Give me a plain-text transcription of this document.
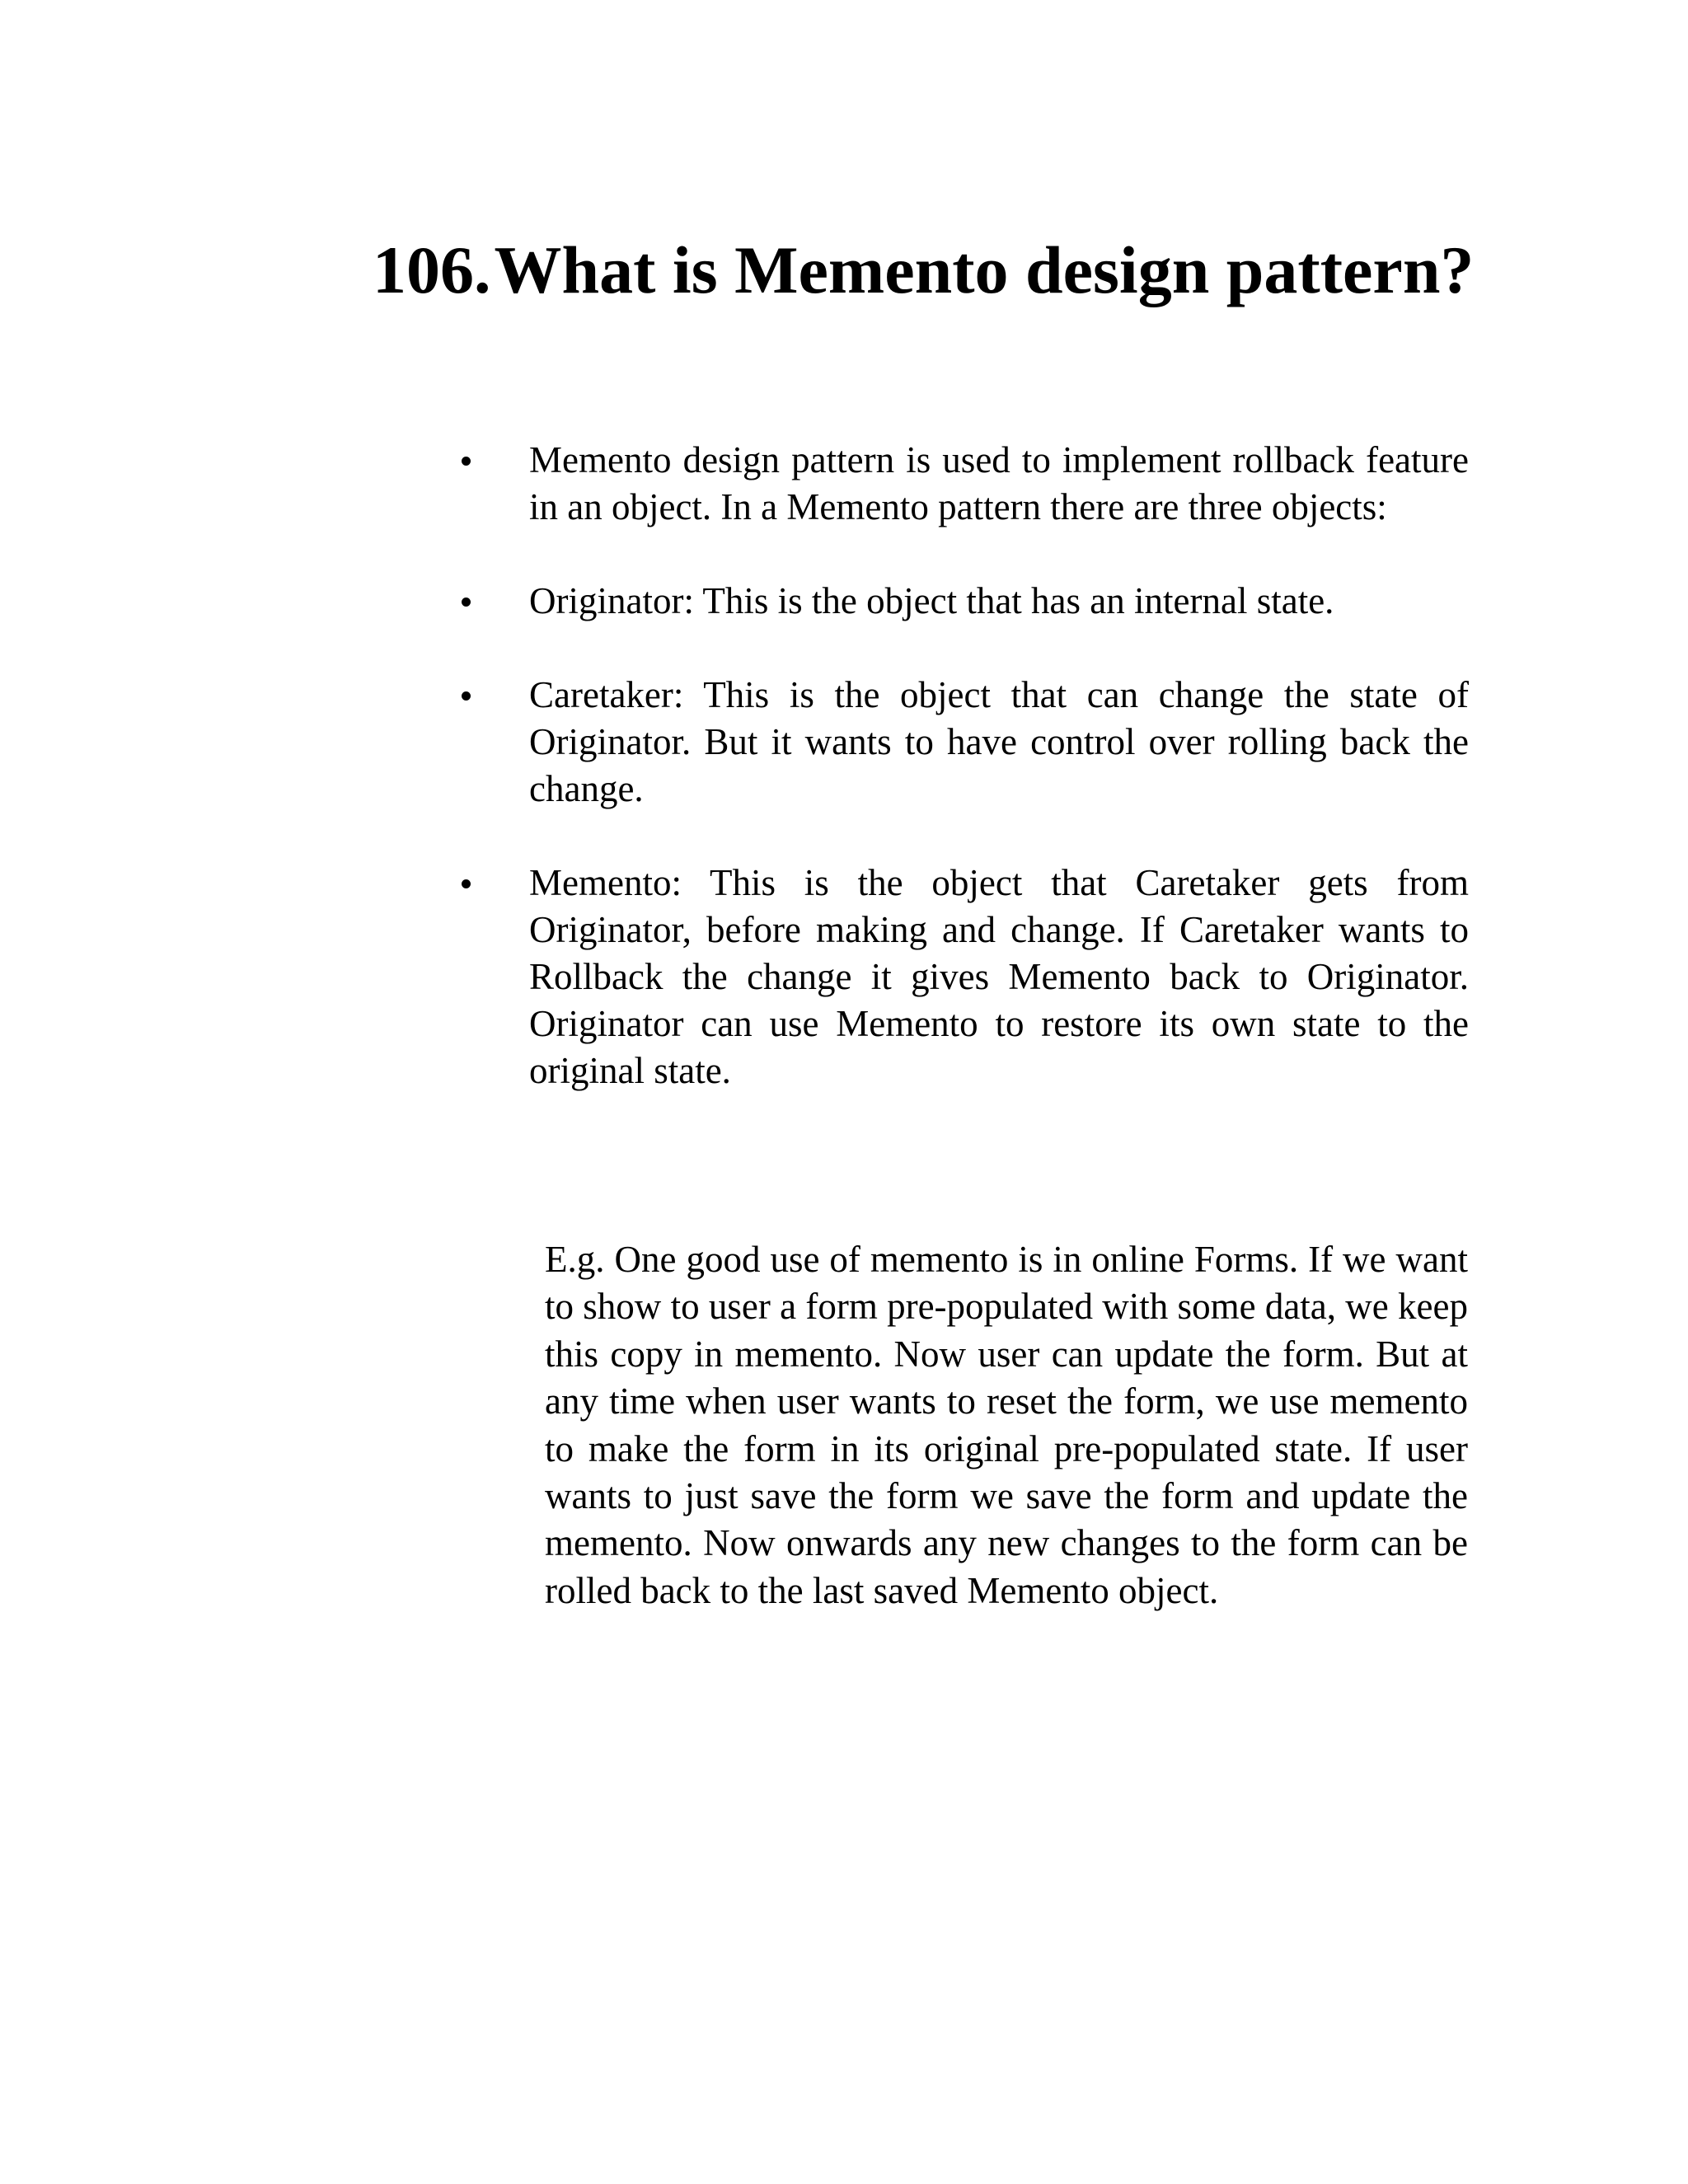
106.What is Memento design pattern?
Memento design pattern is used to implement rollback feature in an object. In a Memento pattern there are three objects:
Originator: This is the object that has an internal state.
Caretaker: This is the object that can change the state of Originator. But it wants to have control over rolling back the change.
Memento: This is the object that Caretaker gets from Originator, before making and change. If Caretaker wants to Rollback the change it gives Memento back to Originator. Originator can use Memento to restore its own state to the original state.

E.g. One good use of memento is in online Forms. If we want to show to user a form pre-populated with some data, we keep this copy in memento. Now user can update the form. But at any time when user wants to reset the form, we use memento to make the form in its original pre-populated state. If user wants to just save the form we save the form and update the memento. Now onwards any new changes to the form can be rolled back to the last saved Memento object.
